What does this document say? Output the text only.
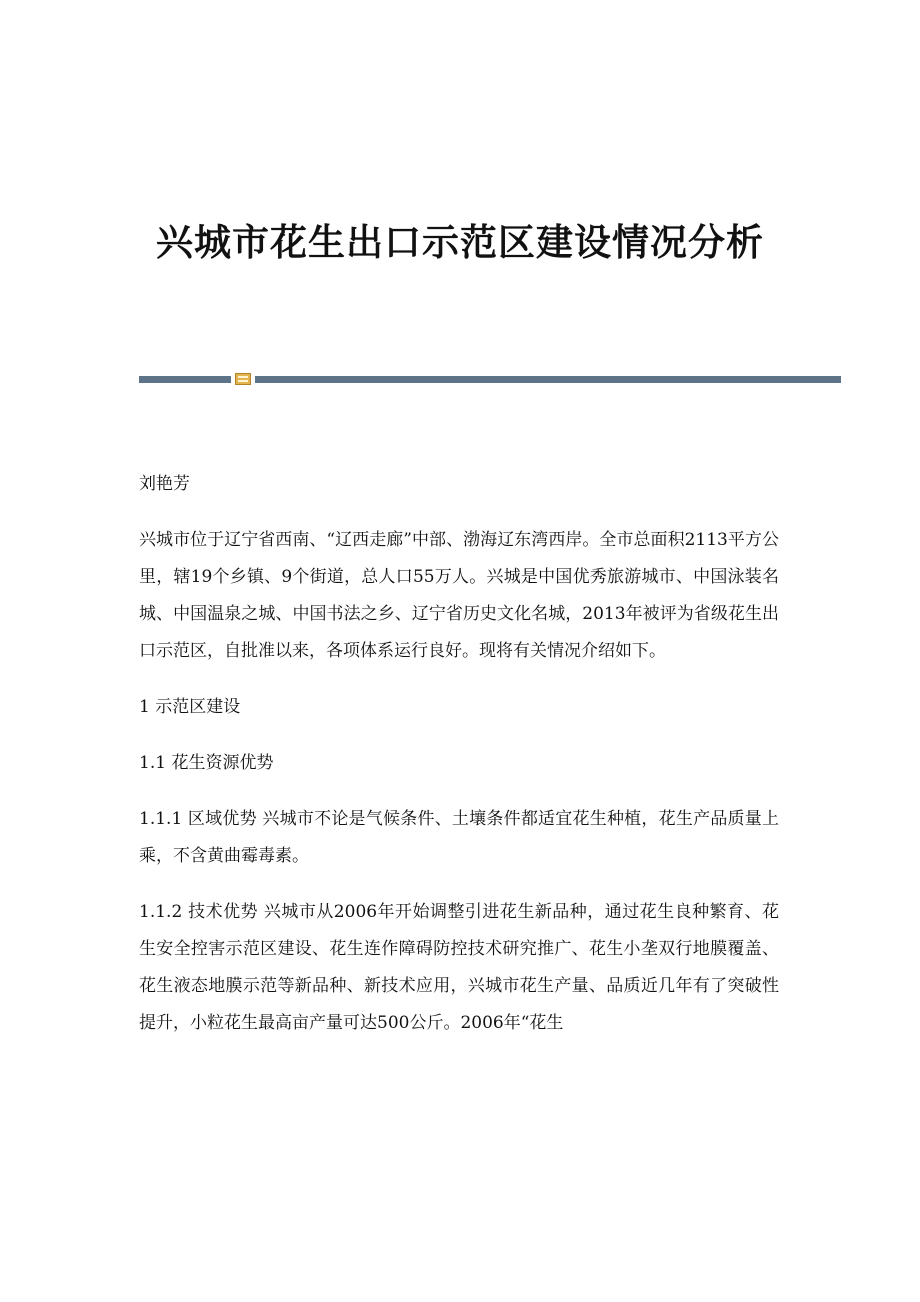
兴城市花生出口示范区建设情况分析

刘艳芳

兴城市位于辽宁省西南、“辽西走廊”中部、渤海辽东湾西岸。全市总面积2113平方公里，辖19个乡镇、9个街道，总人口55万人。兴城是中国优秀旅游城市、中国泳装名城、中国温泉之城、中国书法之乡、辽宁省历史文化名城，2013年被评为省级花生出口示范区，自批准以来，各项体系运行良好。现将有关情况介绍如下。

1 示范区建设

1.1 花生资源优势

1.1.1 区域优势 兴城市不论是气候条件、土壤条件都适宜花生种植，花生产品质量上乘，不含黄曲霉毒素。

1.1.2 技术优势 兴城市从2006年开始调整引进花生新品种，通过花生良种繁育、花生安全控害示范区建设、花生连作障碍防控技术研究推广、花生小垄双行地膜覆盖、花生液态地膜示范等新品种、新技术应用，兴城市花生产量、品质近几年有了突破性提升，小粒花生最高亩产量可达500公斤。2006年“花生
